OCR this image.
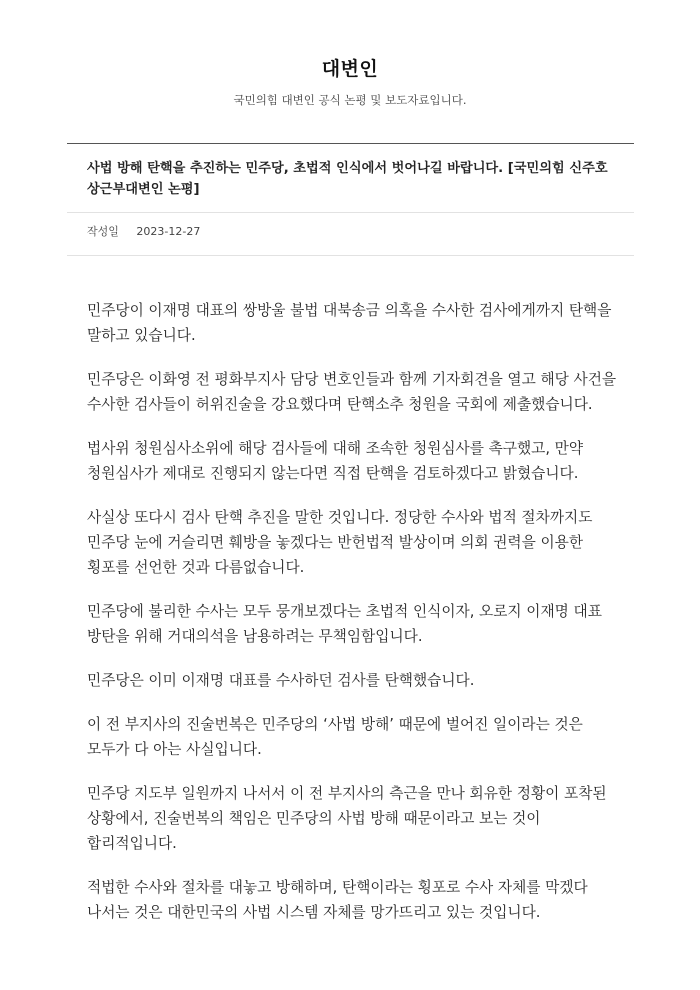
대변인

국민의힘 대변인 공식 논평 및 보도자료입니다.

사법 방해 탄핵을 추진하는 민주당, 초법적 인식에서 벗어나길 바랍니다. [국민의힘 신주호 상근부대변인 논평]
작성일 2023-12-27

민주당이 이재명 대표의 쌍방울 불법 대북송금 의혹을 수사한 검사에게까지 탄핵을 말하고 있습니다.

민주당은 이화영 전 평화부지사 담당 변호인들과 함께 기자회견을 열고 해당 사건을 수사한 검사들이 허위진술을 강요했다며 탄핵소추 청원을 국회에 제출했습니다.

법사위 청원심사소위에 해당 검사들에 대해 조속한 청원심사를 촉구했고, 만약 청원심사가 제대로 진행되지 않는다면 직접 탄핵을 검토하겠다고 밝혔습니다.

사실상 또다시 검사 탄핵 추진을 말한 것입니다. 정당한 수사와 법적 절차까지도 민주당 눈에 거슬리면 훼방을 놓겠다는 반헌법적 발상이며 의회 권력을 이용한 횡포를 선언한 것과 다름없습니다.

민주당에 불리한 수사는 모두 뭉개보겠다는 초법적 인식이자, 오로지 이재명 대표 방탄을 위해 거대의석을 남용하려는 무책임함입니다.

민주당은 이미 이재명 대표를 수사하던 검사를 탄핵했습니다.

이 전 부지사의 진술번복은 민주당의 ‘사법 방해’ 때문에 벌어진 일이라는 것은 모두가 다 아는 사실입니다.

민주당 지도부 일원까지 나서서 이 전 부지사의 측근을 만나 회유한 정황이 포착된 상황에서, 진술번복의 책임은 민주당의 사법 방해 때문이라고 보는 것이 합리적입니다.

적법한 수사와 절차를 대놓고 방해하며, 탄핵이라는 횡포로 수사 자체를 막겠다 나서는 것은 대한민국의 사법 시스템 자체를 망가뜨리고 있는 것입니다.
